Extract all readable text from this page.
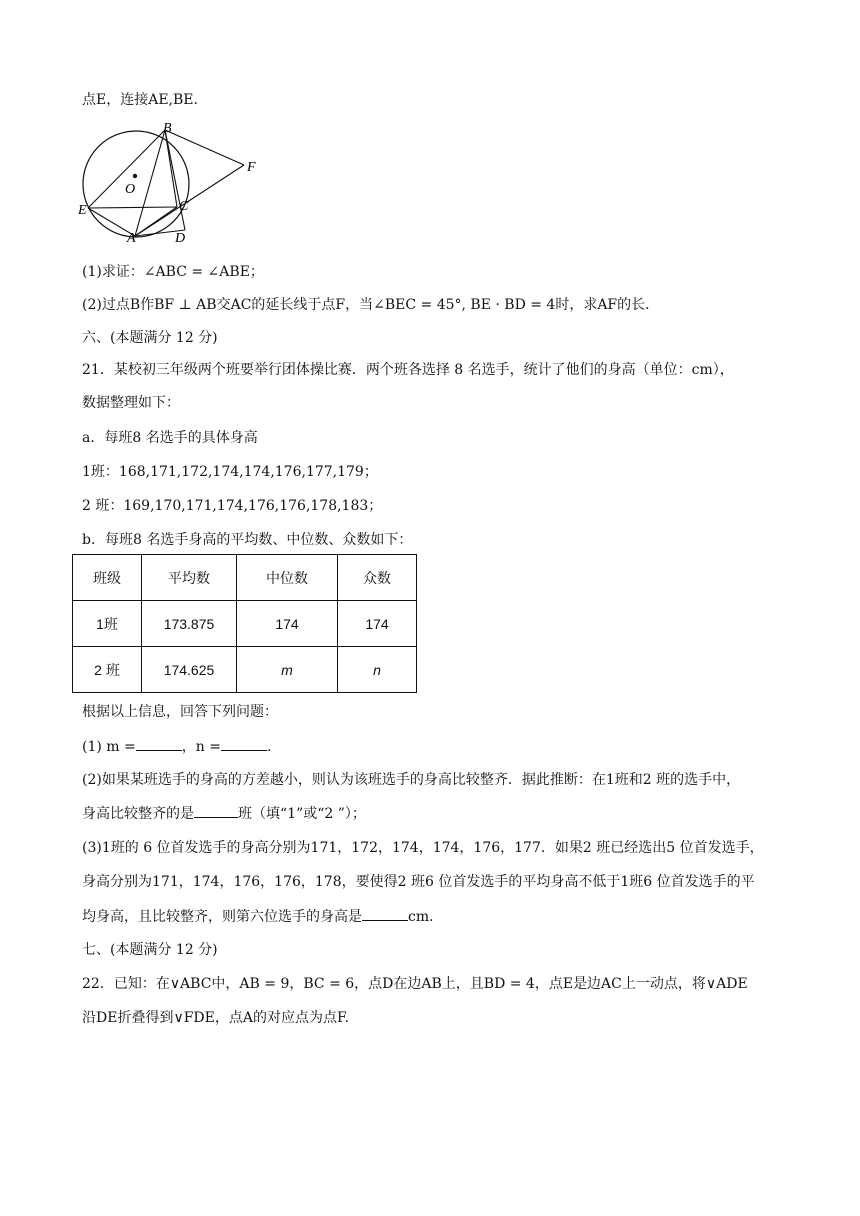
点E，连接AE,BE．
B
F
O
E	C
A	D
(1)求证：∠ABC = ∠ABE；
(2)过点B作BF ⊥ AB交AC的延长线于点F，当∠BEC = 45°, BE · BD = 4时，求AF的长．
六、(本题满分 12 分)
21．某校初三年级两个班要举行团体操比赛．两个班各选择 8 名选手，统计了他们的身高（单位：cm），
数据整理如下：
a．每班8 名选手的具体身高
1班：168,171,172,174,174,176,177,179；
2 班：169,170,171,174,176,176,178,183；
b．每班8 名选手身高的平均数、中位数、众数如下：
班级	平均数	中位数	众数
1班	173.875	174	174
2 班	174.625	m	n
根据以上信息，回答下列问题：
(1) m =	，n =	.
(2)如果某班选手的身高的方差越小，则认为该班选手的身高比较整齐．据此推断：在1班和2 班的选手中，
身高比较整齐的是	班（填“1”或“2 ”）；
(3)1班的 6 位首发选手的身高分别为171，172，174，174，176，177．如果2 班已经选出5 位首发选手，
身高分别为171，174，176，176，178，要使得2 班6 位首发选手的平均身高不低于1班6 位首发选手的平
均身高，且比较整齐，则第六位选手的身高是	cm．
七、(本题满分 12 分)
22．已知：在∨ABC中，AB = 9，BC = 6，点D在边AB上，且BD = 4，点E是边AC上一动点，将∨ADE
沿DE折叠得到∨FDE，点A的对应点为点F.
